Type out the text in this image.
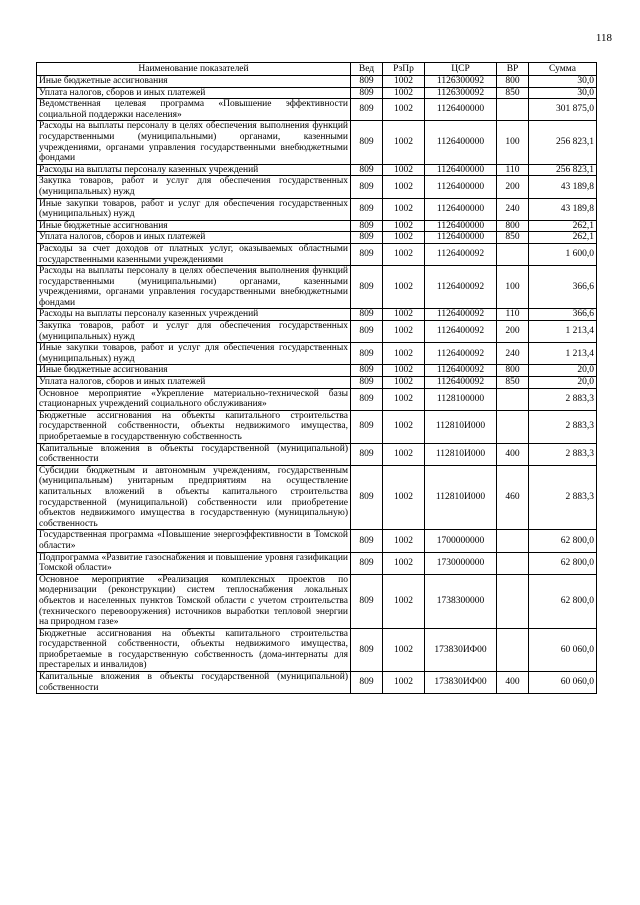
118
Наименование показателей	Вед	РзПр	ЦСР	ВР	Сумма
Иные бюджетные ассигнования	809	1002	1126300092	800	30,0
Уплата налогов, сборов и иных платежей	809	1002	1126300092	850	30,0
Ведомственная целевая программа «Повышение эффективности социальной поддержки населения»	809	1002	1126400000		301 875,0
Расходы на выплаты персоналу в целях обеспечения выполнения функций государственными (муниципальными) органами, казенными учреждениями, органами управления государственными внебюджетными фондами	809	1002	1126400000	100	256 823,1
Расходы на выплаты персоналу казенных учреждений	809	1002	1126400000	110	256 823,1
Закупка товаров, работ и услуг для обеспечения государственных (муниципальных) нужд	809	1002	1126400000	200	43 189,8
Иные закупки товаров, работ и услуг для обеспечения государственных (муниципальных) нужд	809	1002	1126400000	240	43 189,8
Иные бюджетные ассигнования	809	1002	1126400000	800	262,1
Уплата налогов, сборов и иных платежей	809	1002	1126400000	850	262,1
Расходы за счет доходов от платных услуг, оказываемых областными государственными казенными учреждениями	809	1002	1126400092		1 600,0
Расходы на выплаты персоналу в целях обеспечения выполнения функций государственными (муниципальными) органами, казенными учреждениями, органами управления государственными внебюджетными фондами	809	1002	1126400092	100	366,6
Расходы на выплаты персоналу казенных учреждений	809	1002	1126400092	110	366,6
Закупка товаров, работ и услуг для обеспечения государственных (муниципальных) нужд	809	1002	1126400092	200	1 213,4
Иные закупки товаров, работ и услуг для обеспечения государственных (муниципальных) нужд	809	1002	1126400092	240	1 213,4
Иные бюджетные ассигнования	809	1002	1126400092	800	20,0
Уплата налогов, сборов и иных платежей	809	1002	1126400092	850	20,0
Основное мероприятие «Укрепление материально-технической базы стационарных учреждений социального обслуживания»	809	1002	1128100000		2 883,3
Бюджетные ассигнования на объекты капитального строительства государственной собственности, объекты недвижимого имущества, приобретаемые в государственную собственность	809	1002	112810И000		2 883,3
Капитальные вложения в объекты государственной (муниципальной) собственности	809	1002	112810И000	400	2 883,3
Субсидии бюджетным и автономным учреждениям, государственным (муниципальным) унитарным предприятиям на осуществление капитальных вложений в объекты капитального строительства государственной (муниципальной) собственности или приобретение объектов недвижимого имущества в государственную (муниципальную) собственность	809	1002	112810И000	460	2 883,3
Государственная программа «Повышение энергоэффективности в Томской области»	809	1002	1700000000		62 800,0
Подпрограмма «Развитие газоснабжения и повышение уровня газификации Томской области»	809	1002	1730000000		62 800,0
Основное мероприятие «Реализация комплексных проектов по модернизации (реконструкции) систем теплоснабжения локальных объектов и населенных пунктов Томской области с учетом строительства (технического перевооружения) источников выработки тепловой энергии на природном газе»	809	1002	1738300000		62 800,0
Бюджетные ассигнования на объекты капитального строительства государственной собственности, объекты недвижимого имущества, приобретаемые в государственную собственность (дома-интернаты для престарелых и инвалидов)	809	1002	173830ИФ00		60 060,0
Капитальные вложения в объекты государственной (муниципальной) собственности	809	1002	173830ИФ00	400	60 060,0
